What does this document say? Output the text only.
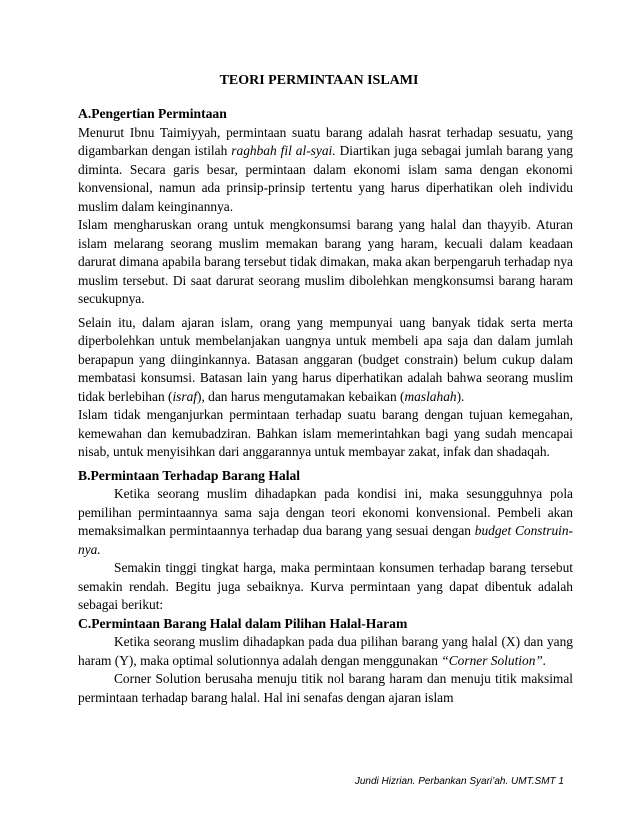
TEORI PERMINTAAN ISLAMI

A.Pengertian Permintaan

Menurut Ibnu Taimiyyah, permintaan suatu barang adalah hasrat terhadap sesuatu, yang digambarkan dengan istilah raghbah fil al-syai. Diartikan juga sebagai jumlah barang yang diminta. Secara garis besar, permintaan dalam ekonomi islam sama dengan ekonomi konvensional, namun ada prinsip-prinsip tertentu yang harus diperhatikan oleh individu muslim dalam keinginannya.

Islam mengharuskan orang untuk mengkonsumsi barang yang halal dan thayyib. Aturan islam melarang seorang muslim memakan barang yang haram, kecuali dalam keadaan darurat dimana apabila barang tersebut tidak dimakan, maka akan berpengaruh terhadap nya muslim tersebut. Di saat darurat seorang muslim dibolehkan mengkonsumsi barang haram secukupnya.

Selain itu, dalam ajaran islam, orang yang mempunyai uang banyak tidak serta merta diperbolehkan untuk membelanjakan uangnya untuk membeli apa saja dan dalam jumlah berapapun yang diinginkannya. Batasan anggaran (budget constrain) belum cukup dalam membatasi konsumsi. Batasan lain yang harus diperhatikan adalah bahwa seorang muslim tidak berlebihan (israf), dan harus mengutamakan kebaikan (maslahah).

Islam tidak menganjurkan permintaan terhadap suatu barang dengan tujuan kemegahan, kemewahan dan kemubadziran. Bahkan islam memerintahkan bagi yang sudah mencapai nisab, untuk menyisihkan dari anggarannya untuk membayar zakat, infak dan shadaqah.

B.Permintaan Terhadap Barang Halal

Ketika seorang muslim dihadapkan pada kondisi ini, maka sesungguhnya pola pemilihan permintaannya sama saja dengan teori ekonomi konvensional. Pembeli akan memaksimalkan permintaannya terhadap dua barang yang sesuai dengan budget Construin-nya.

Semakin tinggi tingkat harga, maka permintaan konsumen terhadap barang tersebut semakin rendah. Begitu juga sebaiknya. Kurva permintaan yang dapat dibentuk adalah sebagai berikut:

C.Permintaan Barang Halal dalam Pilihan Halal-Haram

Ketika seorang muslim dihadapkan pada dua pilihan barang yang halal (X) dan yang haram (Y), maka optimal solutionnya adalah dengan menggunakan “Corner Solution”.

Corner Solution berusaha menuju titik nol barang haram dan menuju titik maksimal permintaan terhadap barang halal. Hal ini senafas dengan ajaran islam

Jundi Hizrian. Perbankan Syari’ah. UMT.SMT 1
